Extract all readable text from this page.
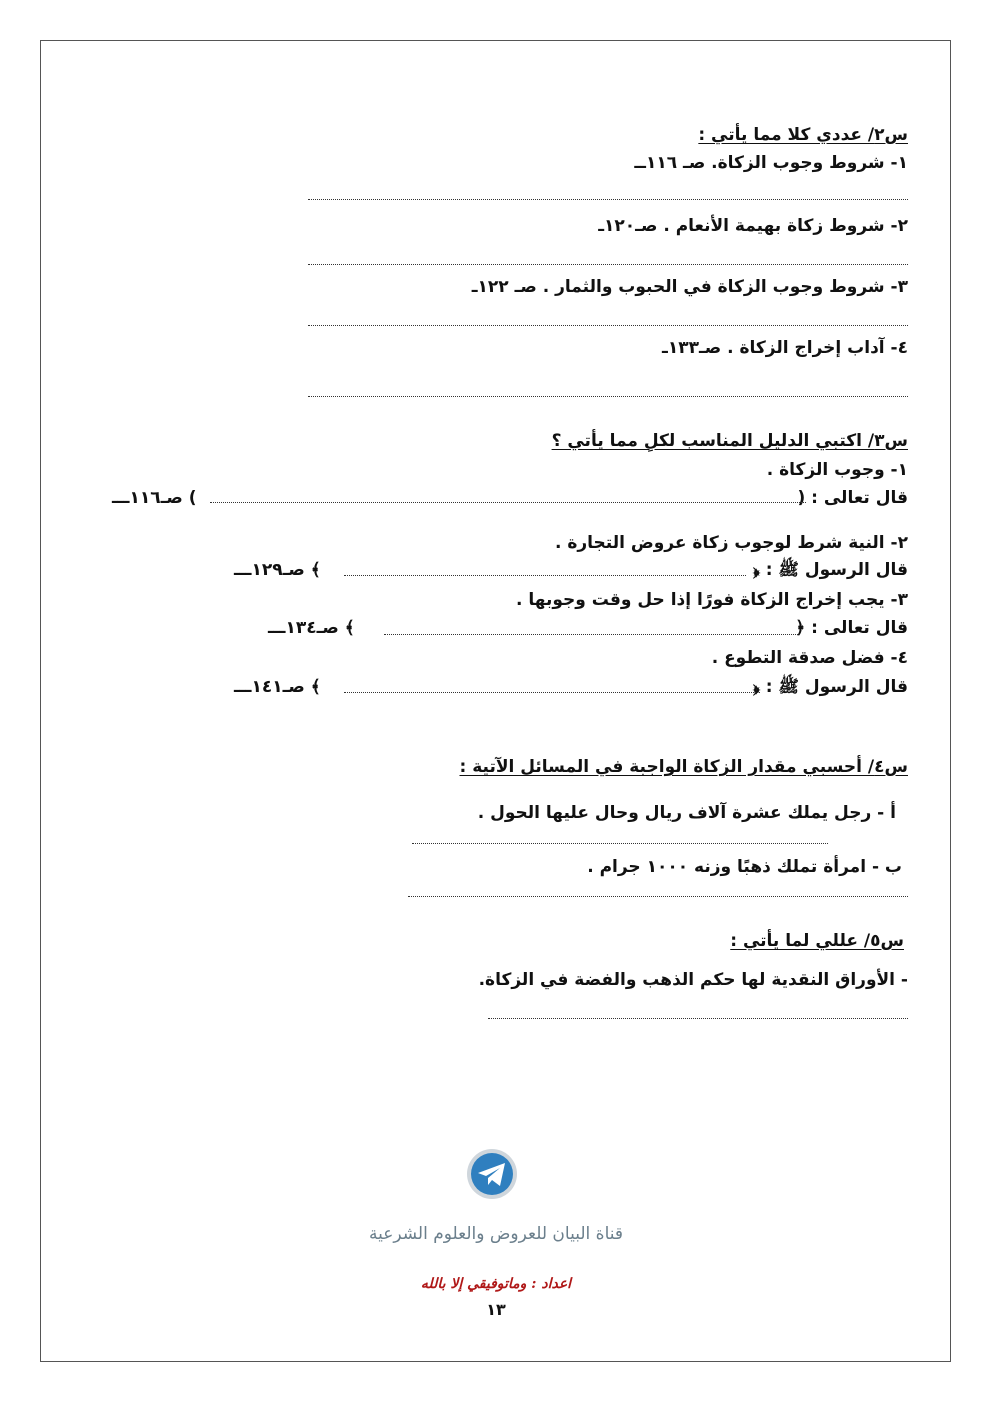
س٢/ عددي كلا مما يأتي :
١- شروط وجوب الزكاة. صـ ١١٦ــ
٢- شروط زكاة بهيمة الأنعام . صـ١٢٠ـ
٣- شروط وجوب الزكاة في الحبوب والثمار . صـ ١٢٢ـ
٤- آداب إخراج الزكاة . صـ١٣٣ـ
س٣/ اكتبي الدليل المناسب لكلِ مما يأتي ؟
١- وجوب الزكاة .
قال تعالى : (
) صـ١١٦ـــ
٢- النية شرط لوجوب زكاة عروض التجارة .
قال الرسول ﷺ : ﴿
﴾ صـ١٢٩ـــ
٣- يجب إخراج الزكاة فورًا إذا حل وقت وجوبها .
قال تعالى : ﴿
﴾ صـ١٣٤ـــ
٤- فضل صدقة التطوع .
قال الرسول ﷺ : ﴿
﴾ صـ١٤١ـــ
س٤/ أحسبي مقدار الزكاة الواجبة في المسائل الآتية :
أ - رجل يملك عشرة آلاف ريال وحال عليها الحول .
ب - امرأة تملك ذهبًا وزنه ١٠٠٠ جرام .
س٥/ عللي لما يأتي :
- الأوراق النقدية لها حكم الذهب والفضة في الزكاة.
قناة البيان للعروض والعلوم الشرعية
اعداد : وماتوفيقي إلا بالله
١٣
